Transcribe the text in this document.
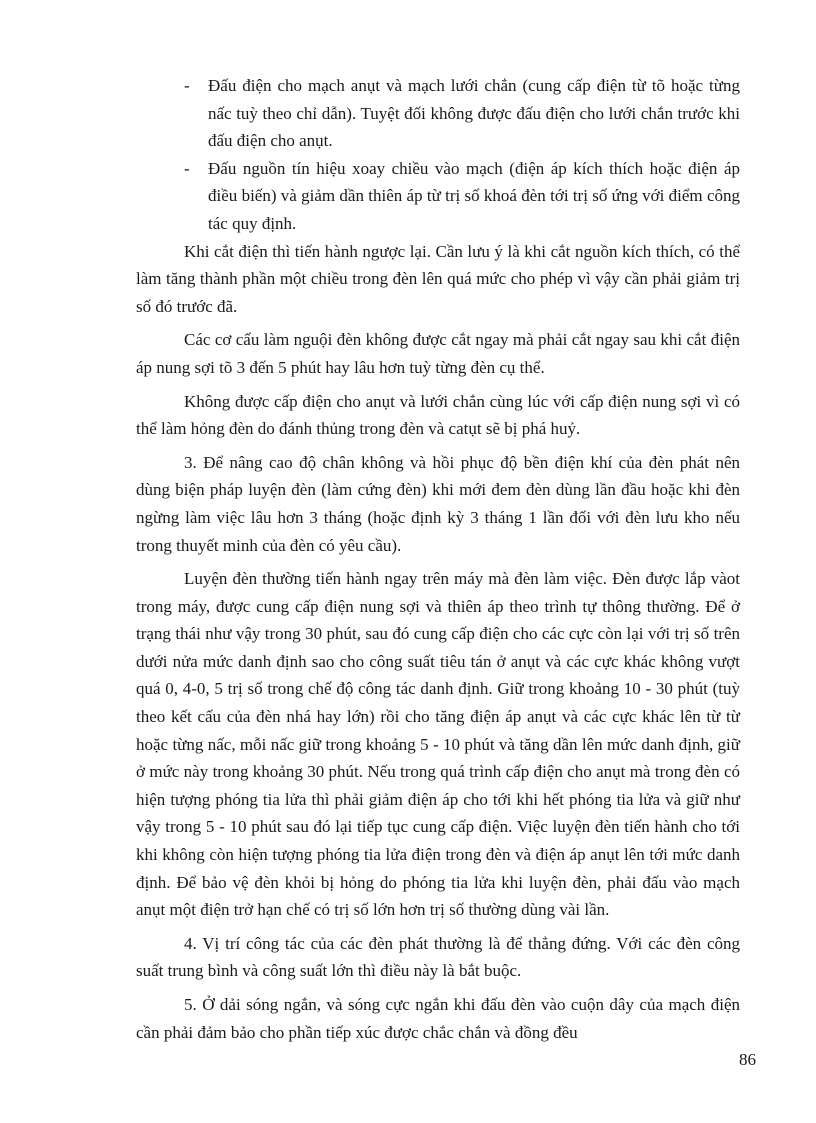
- Đấu điện cho mạch anụt và mạch lưới chắn (cung cấp điện từ tõ hoặc từng nấc tuỳ theo chỉ dẫn). Tuyệt đối không được đấu điện cho lưới chắn trước khi đấu điện cho anụt.

- Đấu nguồn tín hiệu xoay chiều vào mạch (điện áp kích thích hoặc điện áp điều biến) và giảm dần thiên áp từ trị số khoá đèn tới trị số ứng với điểm công tác quy định.

Khi cắt điện thì tiến hành ngược lại. Cần lưu ý là khi cắt nguồn kích thích, có thể làm tăng thành phần một chiều trong đèn lên quá mức cho phép vì vậy cần phải giảm trị số đó trước đã.

Các cơ cấu làm nguội đèn không được cắt ngay mà phải cắt ngay sau khi cắt điện áp nung sợi tõ 3 đến 5 phút hay lâu hơn tuỳ từng đèn cụ thể.

Không được cấp điện cho anụt và lưới chắn cùng lúc với cấp điện nung sợi vì có thể làm hỏng đèn do đánh thủng trong đèn và catụt sẽ bị phá huỷ.

3. Để nâng cao độ chân không và hồi phục độ bền điện khí của đèn phát nên dùng biện pháp luyện đèn (làm cứng đèn) khi mới đem đèn dùng lần đầu hoặc khi đèn ngừng làm việc lâu hơn 3 tháng (hoặc định kỳ 3 tháng 1 lần đối với đèn lưu kho nếu trong thuyết minh của đèn có yêu cầu).

Luyện đèn thường tiến hành ngay trên máy mà đèn làm việc. Đèn được lắp vàot trong máy, được cung cấp điện nung sợi và thiên áp theo trình tự thông thường. Để ở trạng thái như vậy trong 30 phút, sau đó cung cấp điện cho các cực còn lại với trị số trên dưới nửa mức danh định sao cho công suất tiêu tán ở anụt và các cực khác không vượt quá 0, 4-0, 5 trị số trong chế độ công tác danh định. Giữ trong khoảng 10 - 30 phút (tuỳ theo kết cấu của đèn nhá hay lớn) rồi cho tăng điện áp anụt và các cực khác lên từ từ hoặc từng nấc, mỗi nấc giữ trong khoảng 5 - 10 phút và tăng dần lên mức danh định, giữ ở mức này trong khoảng 30 phút. Nếu trong quá trình cấp điện cho anụt mà trong đèn có hiện tượng phóng tia lửa thì phải giảm điện áp cho tới khi hết phóng tia lửa và giữ như vậy trong 5 - 10 phút sau đó lại tiếp tục cung cấp điện. Việc luyện đèn tiến hành cho tới khi không còn hiện tượng phóng tia lửa điện trong đèn và điện áp anụt lên tới mức danh định. Để bảo vệ đèn khỏi bị hỏng do phóng tia lửa khi luyện đèn, phải đấu vào mạch anụt một điện trở hạn chế có trị số lớn hơn trị số thường dùng vài lần.

4. Vị trí công tác của các đèn phát thường là để thẳng đứng. Với các đèn công suất trung bình và công suất lớn thì điều này là bắt buộc.

5. Ở dải sóng ngắn, và sóng cực ngắn khi đấu đèn vào cuộn dây của mạch điện cần phải đảm bảo cho phần tiếp xúc được chắc chắn và đồng đều

86
